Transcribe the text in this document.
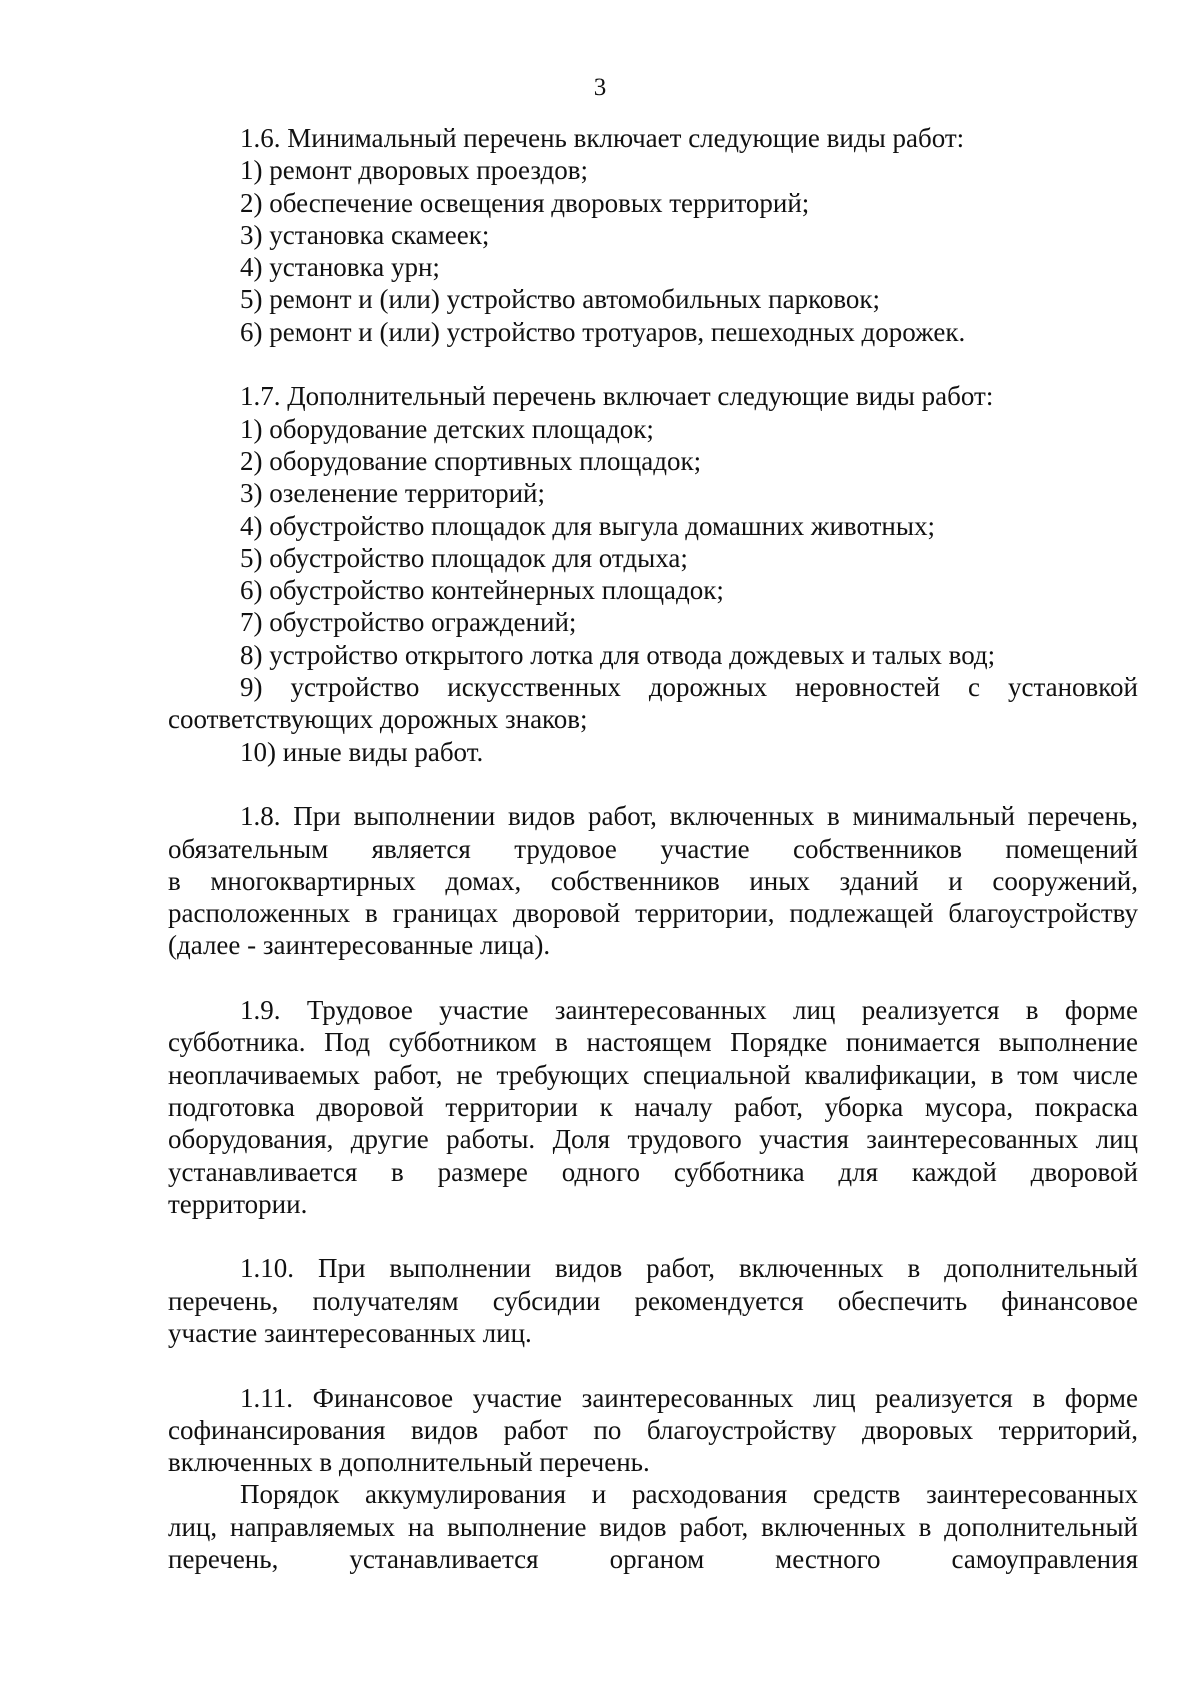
3
1.6. Минимальный перечень включает следующие виды работ:
1) ремонт дворовых проездов;
2) обеспечение освещения дворовых территорий;
3) установка скамеек;
4) установка урн;
5) ремонт и (или) устройство автомобильных парковок;
6) ремонт и (или) устройство тротуаров, пешеходных дорожек.
1.7. Дополнительный перечень включает следующие виды работ:
1) оборудование детских площадок;
2) оборудование спортивных площадок;
3) озеленение территорий;
4) обустройство площадок для выгула домашних животных;
5) обустройство площадок для отдыха;
6) обустройство контейнерных площадок;
7) обустройство ограждений;
8) устройство открытого лотка для отвода дождевых и талых вод;
9) устройство искусственных дорожных неровностей с установкой
соответствующих дорожных знаков;
10) иные виды работ.
1.8. При выполнении видов работ, включенных в минимальный перечень,
обязательным является трудовое участие собственников помещений
в многоквартирных домах, собственников иных зданий и сооружений,
расположенных в границах дворовой территории, подлежащей благоустройству
(далее - заинтересованные лица).
1.9. Трудовое участие заинтересованных лиц реализуется в форме
субботника. Под субботником в настоящем Порядке понимается выполнение
неоплачиваемых работ, не требующих специальной квалификации, в том числе
подготовка дворовой территории к началу работ, уборка мусора, покраска
оборудования, другие работы. Доля трудового участия заинтересованных лиц
устанавливается в размере одного субботника для каждой дворовой
территории.
1.10. При выполнении видов работ, включенных в дополнительный
перечень, получателям субсидии рекомендуется обеспечить финансовое
участие заинтересованных лиц.
1.11. Финансовое участие заинтересованных лиц реализуется в форме
софинансирования видов работ по благоустройству дворовых территорий,
включенных в дополнительный перечень.
Порядок аккумулирования и расходования средств заинтересованных
лиц, направляемых на выполнение видов работ, включенных в дополнительный
перечень, устанавливается органом местного самоуправления
